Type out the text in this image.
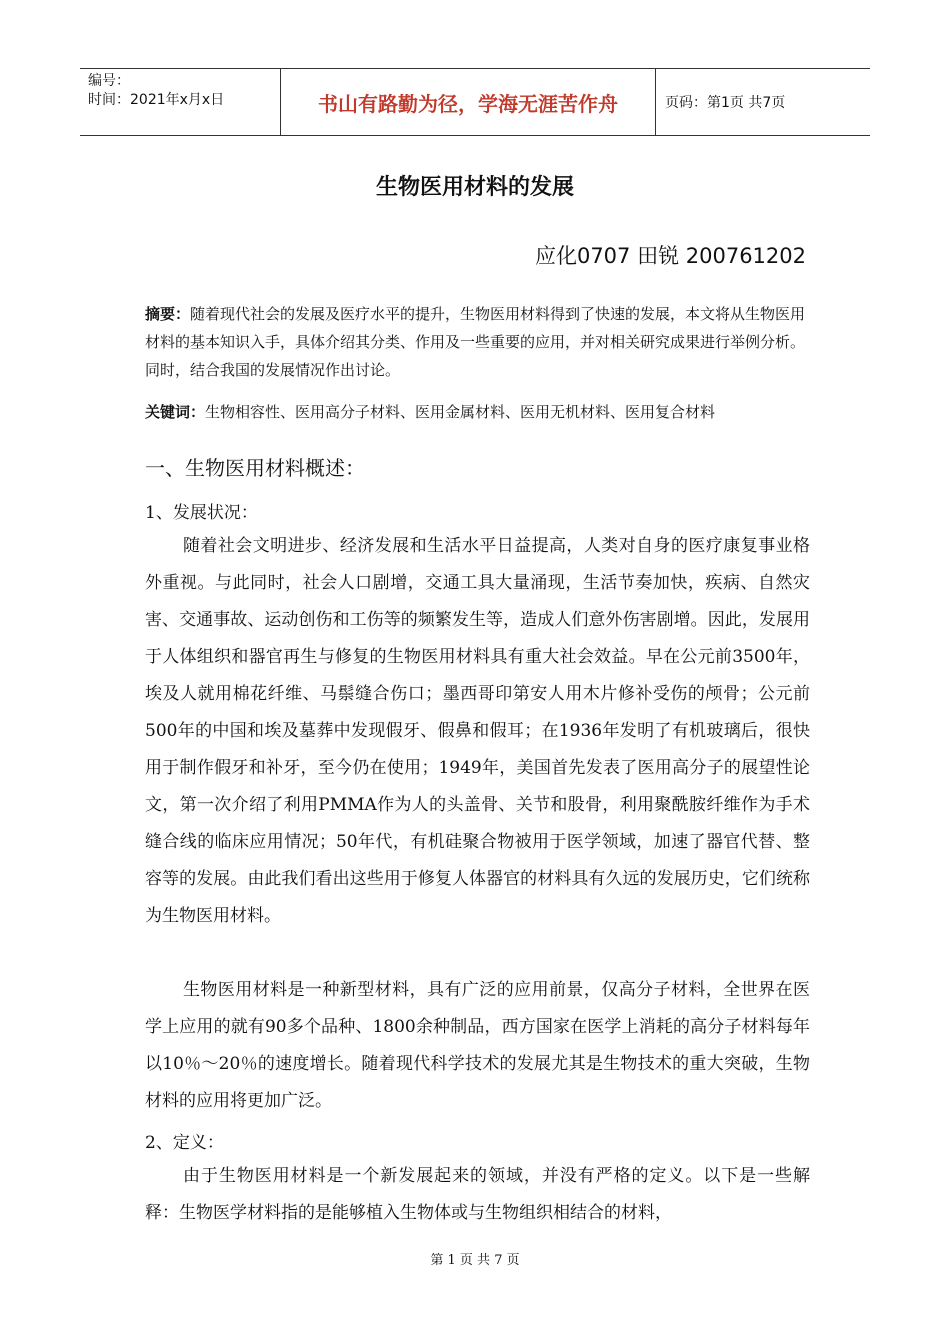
编号：
时间：2021年x月x日	书山有路勤为径，学海无涯苦作舟	页码：第1页 共7页
生物医用材料的发展
应化0707 田锐 200761202
摘要：随着现代社会的发展及医疗水平的提升，生物医用材料得到了快速的发展，本文将从生物医用材料的基本知识入手，具体介绍其分类、作用及一些重要的应用，并对相关研究成果进行举例分析。同时，结合我国的发展情况作出讨论。
关键词：生物相容性、医用高分子材料、医用金属材料、医用无机材料、医用复合材料
一、生物医用材料概述：
1、发展状况：

随着社会文明进步、经济发展和生活水平日益提高，人类对自身的医疗康复事业格外重视。与此同时，社会人口剧增，交通工具大量涌现，生活节奏加快，疾病、自然灾害、交通事故、运动创伤和工伤等的频繁发生等，造成人们意外伤害剧增。因此，发展用于人体组织和器官再生与修复的生物医用材料具有重大社会效益。早在公元前3500年，埃及人就用棉花纤维、马鬃缝合伤口；墨西哥印第安人用木片修补受伤的颅骨；公元前500年的中国和埃及墓葬中发现假牙、假鼻和假耳；在1936年发明了有机玻璃后，很快用于制作假牙和补牙，至今仍在使用；1949年，美国首先发表了医用高分子的展望性论文，第一次介绍了利用PMMA作为人的头盖骨、关节和股骨，利用聚酰胺纤维作为手术缝合线的临床应用情况；50年代，有机硅聚合物被用于医学领域，加速了器官代替、整容等的发展。由此我们看出这些用于修复人体器官的材料具有久远的发展历史，它们统称为生物医用材料。

生物医用材料是一种新型材料，具有广泛的应用前景，仅高分子材料，全世界在医学上应用的就有90多个品种、1800余种制品，西方国家在医学上消耗的高分子材料每年以10％～20％的速度增长。随着现代科学技术的发展尤其是生物技术的重大突破，生物材料的应用将更加广泛。

2、定义：

由于生物医用材料是一个新发展起来的领域，并没有严格的定义。以下是一些解释：生物医学材料指的是能够植入生物体或与生物组织相结合的材料，

第 1 页 共 7 页
